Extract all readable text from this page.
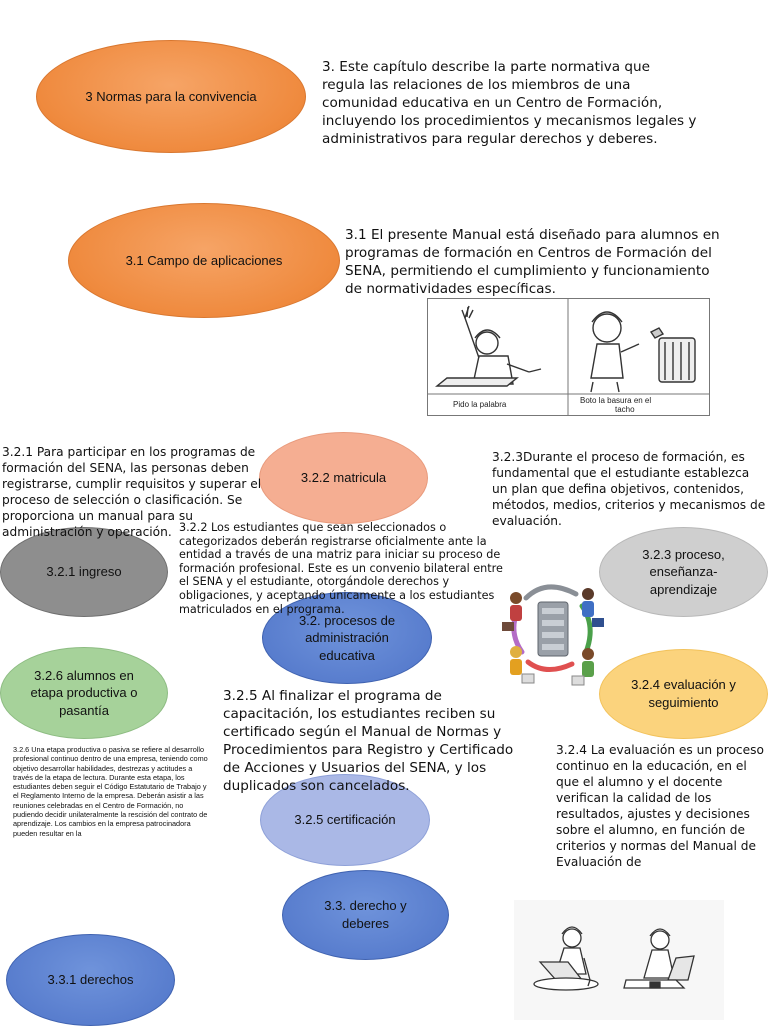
3 Normas para la convivencia
3.1 Campo de aplicaciones
3.2.2 matricula
3.2.1 ingreso
3.2.3 proceso, enseñanza-aprendizaje
3.2. procesos de administración educativa
3.2.6 alumnos en etapa productiva o pasantía
3.2.4 evaluación y seguimiento
3.2.5 certificación
3.3. derecho y deberes
3.3.1 derechos

3. Este capítulo describe la parte normativa que regula las relaciones de los miembros de una comunidad educativa en un Centro de Formación, incluyendo los procedimientos y mecanismos legales y administrativos para regular derechos y deberes.

3.1 El presente Manual está diseñado para alumnos en programas de formación en Centros de Formación del SENA, permitiendo el cumplimiento y funcionamiento de normatividades específicas.

3.2.1 Para participar en los programas de formación del SENA, las personas deben registrarse, cumplir requisitos y superar el proceso de selección o clasificación. Se proporciona un manual para su administración y operación.

3.2.3Durante el proceso de formación, es fundamental que el estudiante establezca un plan que defina objetivos, contenidos, métodos, medios, criterios y mecanismos de evaluación.

3.2.2 Los estudiantes que sean seleccionados o categorizados deberán registrarse oficialmente ante la entidad a través de una matriz para iniciar su proceso de formación profesional. Este es un convenio bilateral entre el SENA y el estudiante, otorgándole derechos y obligaciones, y aceptando únicamente a los estudiantes matriculados en el programa.

3.2.5 Al finalizar el programa de capacitación, los estudiantes reciben su certificado según el Manual de Normas y Procedimientos para Registro y Certificado de Acciones y Usuarios del SENA, y los duplicados son cancelados.

3.2.6 Una etapa productiva o pasiva se refiere al desarrollo profesional continuo dentro de una empresa, teniendo como objetivo desarrollar habilidades, destrezas y actitudes a través de la etapa de lectura. Durante esta etapa, los estudiantes deben seguir el Código Estatutario de Trabajo y el Reglamento Interno de la empresa. Deberán asistir a las reuniones celebradas en el Centro de Formación, no pudiendo decidir unilateralmente la rescisión del contrato de aprendizaje. Los cambios en la empresa patrocinadora pueden resultar en la

3.2.4 La evaluación es un proceso continuo en la educación, en el que el alumno y el docente verifican la calidad de los resultados, ajustes y decisiones sobre el alumno, en función de criterios y normas del Manual de Evaluación de

Pido la palabra	Boto la basura en el
tacho
